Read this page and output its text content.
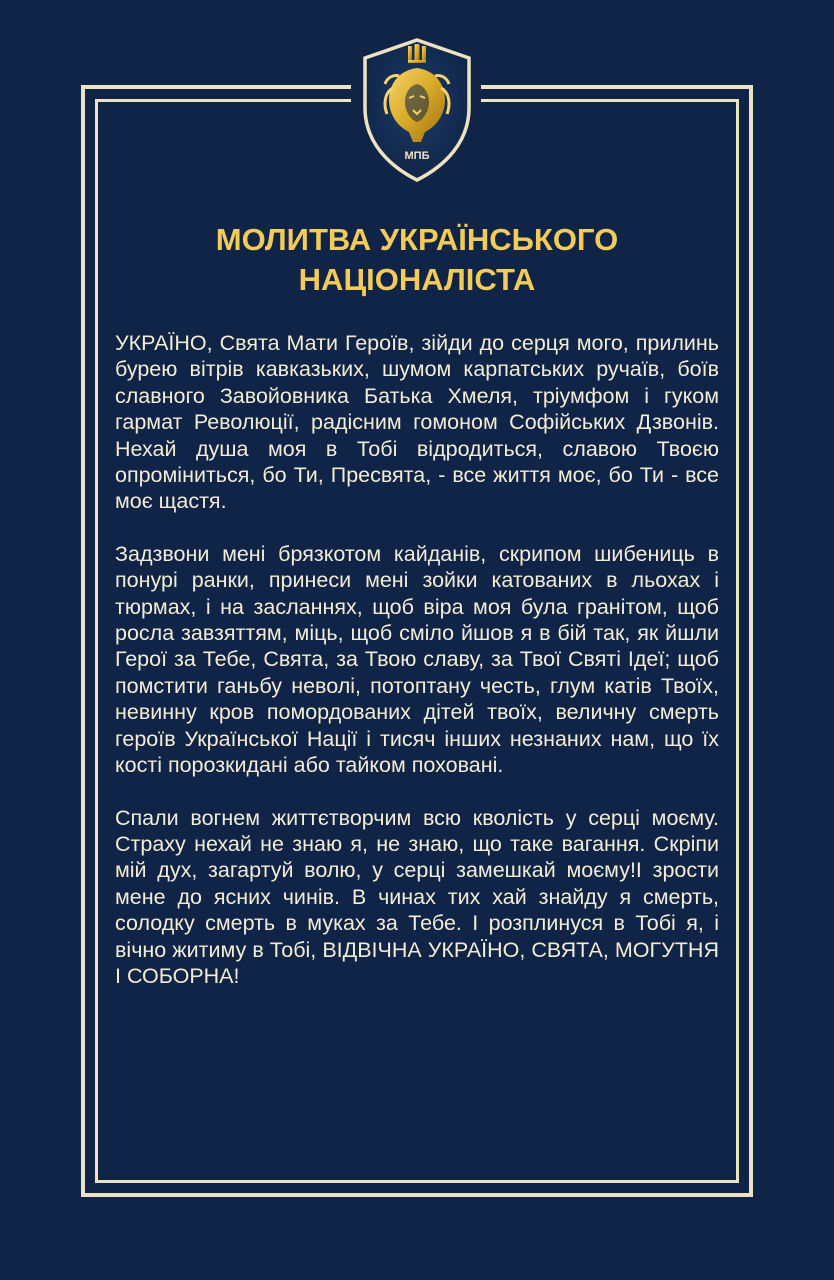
МПБ
МОЛИТВА УКРАЇНСЬКОГО
НАЦІОНАЛІСТА

УКРАЇНО, Свята Мати Героїв, зійди до серця мого, прилинь бурею вітрів кавказьких, шумом карпатських ручаїв, боїв славного Завойовника Батька Хмеля, тріумфом і гуком гармат Революції, радісним гомоном Софійських Дзвонів. Нехай душа моя в Тобі відродиться, славою Твоєю опроміниться, бо Ти, Пресвята, - все життя моє, бо Ти - все моє щастя.

Задзвони мені брязкотом кайданів, скрипом шибениць в понурі ранки, принеси мені зойки катованих в льохах і тюрмах, і на засланнях, щоб віра моя була гранітом, щоб росла завзяттям, міць, щоб сміло йшов я в бій так, як йшли Герої за Тебе, Свята, за Твою славу, за Твої Святі Ідеї; щоб помстити ганьбу неволі, потоптану честь, глум катів Твоїх, невинну кров помордованих дітей твоїх, величну смерть героїв Української Нації і тисяч інших незнаних нам, що їх кості порозкидані або тайком поховані.

Спали вогнем життєтворчим всю кволість у серці моєму. Страху нехай не знаю я, не знаю, що таке вагання. Скріпи мій дух, загартуй волю, у серці замешкай моєму!І зрости мене до ясних чинів. В чинах тих хай знайду я смерть, солодку смерть в муках за Тебе. І розплинуся в Тобі я, і вічно житиму в Тобі, ВІДВІЧНА УКРАЇНО, СВЯТА, МОГУТНЯ І СОБОРНА!
